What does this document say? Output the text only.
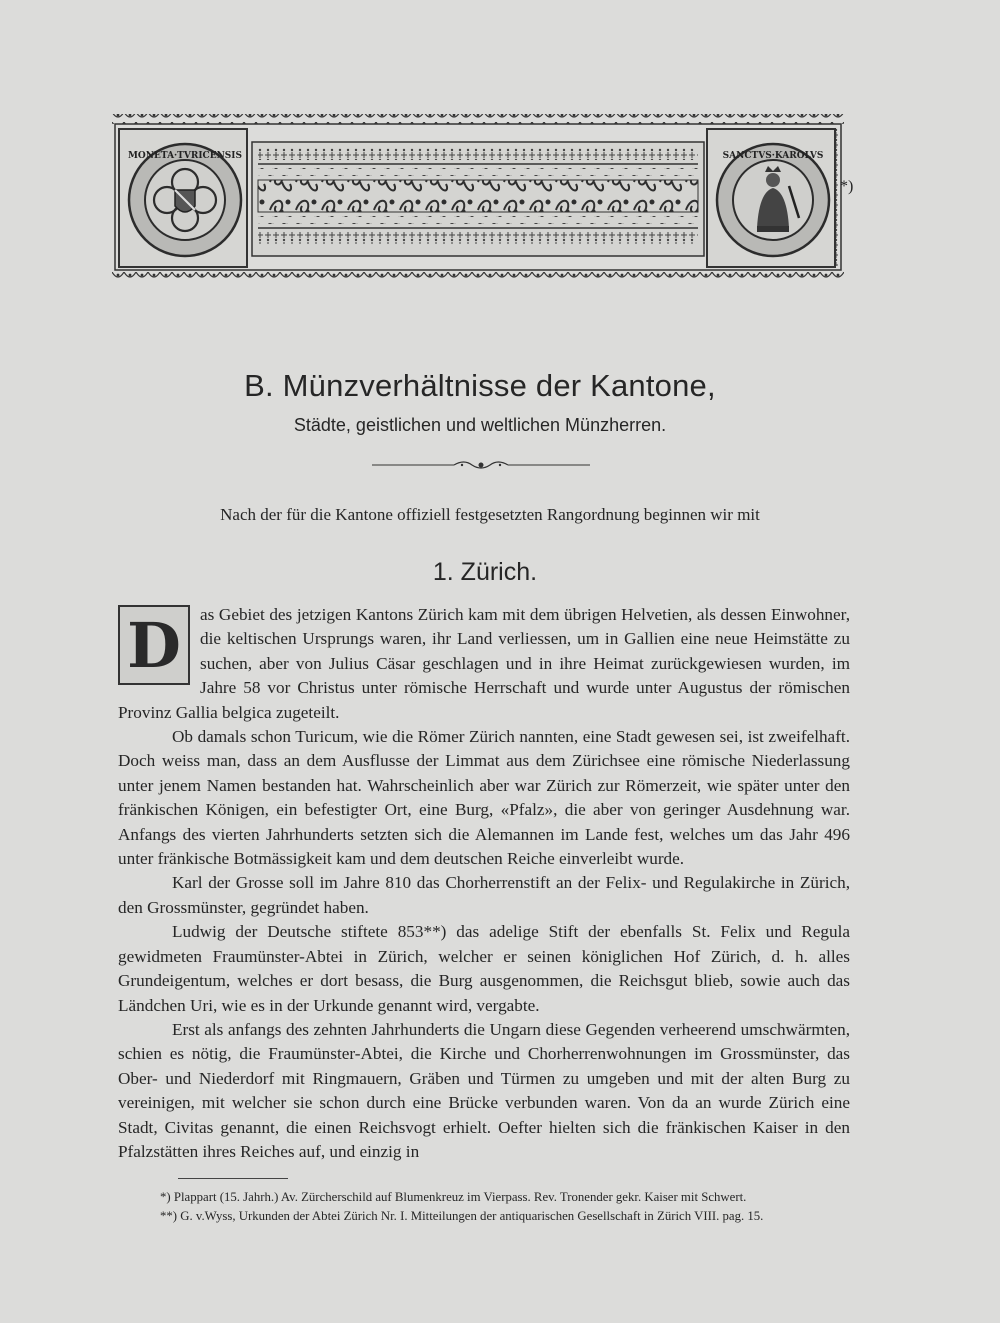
MONETA·TVRICENSIS	SANCTVS·KAROLVS
*)
B. Münzverhältnisse der Kantone,
Städte, geistlichen und weltlichen Münzherren.
Nach der für die Kantone offiziell festgesetzten Rangordnung beginnen wir mit
1. Zürich.

D	as Gebiet des jetzigen Kantons Zürich kam mit dem übrigen Helvetien, als dessen Einwohner, die keltischen Ursprungs waren, ihr Land verliessen, um in Gallien eine neue Heimstätte zu suchen, aber von Julius Cäsar geschlagen und in ihre Heimat zurückgewiesen wurden, im Jahre 58 vor Christus unter römische Herrschaft und wurde unter Augustus der römischen Provinz Gallia belgica zugeteilt.

Ob damals schon Turicum, wie die Römer Zürich nannten, eine Stadt gewesen sei, ist zweifelhaft. Doch weiss man, dass an dem Ausflusse der Limmat aus dem Zürichsee eine römische Niederlassung unter jenem Namen bestanden hat. Wahrscheinlich aber war Zürich zur Römerzeit, wie später unter den fränkischen Königen, ein befestigter Ort, eine Burg, «Pfalz», die aber von geringer Ausdehnung war. Anfangs des vierten Jahrhunderts setzten sich die Alemannen im Lande fest, welches um das Jahr 496 unter fränkische Botmässigkeit kam und dem deutschen Reiche einverleibt wurde.

Karl der Grosse soll im Jahre 810 das Chorherrenstift an der Felix- und Regulakirche in Zürich, den Grossmünster, gegründet haben.

Ludwig der Deutsche stiftete 853**) das adelige Stift der ebenfalls St. Felix und Regula gewidmeten Fraumünster-Abtei in Zürich, welcher er seinen königlichen Hof Zürich, d. h. alles Grundeigentum, welches er dort besass, die Burg ausgenommen, die Reichsgut blieb, sowie auch das Ländchen Uri, wie es in der Urkunde genannt wird, vergabte.

Erst als anfangs des zehnten Jahrhunderts die Ungarn diese Gegenden verheerend umschwärmten, schien es nötig, die Fraumünster-Abtei, die Kirche und Chorherrenwohnungen im Grossmünster, das Ober- und Niederdorf mit Ringmauern, Gräben und Türmen zu umgeben und mit der alten Burg zu vereinigen, mit welcher sie schon durch eine Brücke verbunden waren. Von da an wurde Zürich eine Stadt, Civitas genannt, die einen Reichsvogt erhielt. Oefter hielten sich die fränkischen Kaiser in den Pfalzstätten ihres Reiches auf, und einzig in

*) Plappart (15. Jahrh.) Av. Zürcherschild auf Blumenkreuz im Vierpass. Rev. Tronender gekr. Kaiser mit Schwert.
**) G. v.Wyss, Urkunden der Abtei Zürich Nr. I. Mitteilungen der antiquarischen Gesellschaft in Zürich VIII. pag. 15.
